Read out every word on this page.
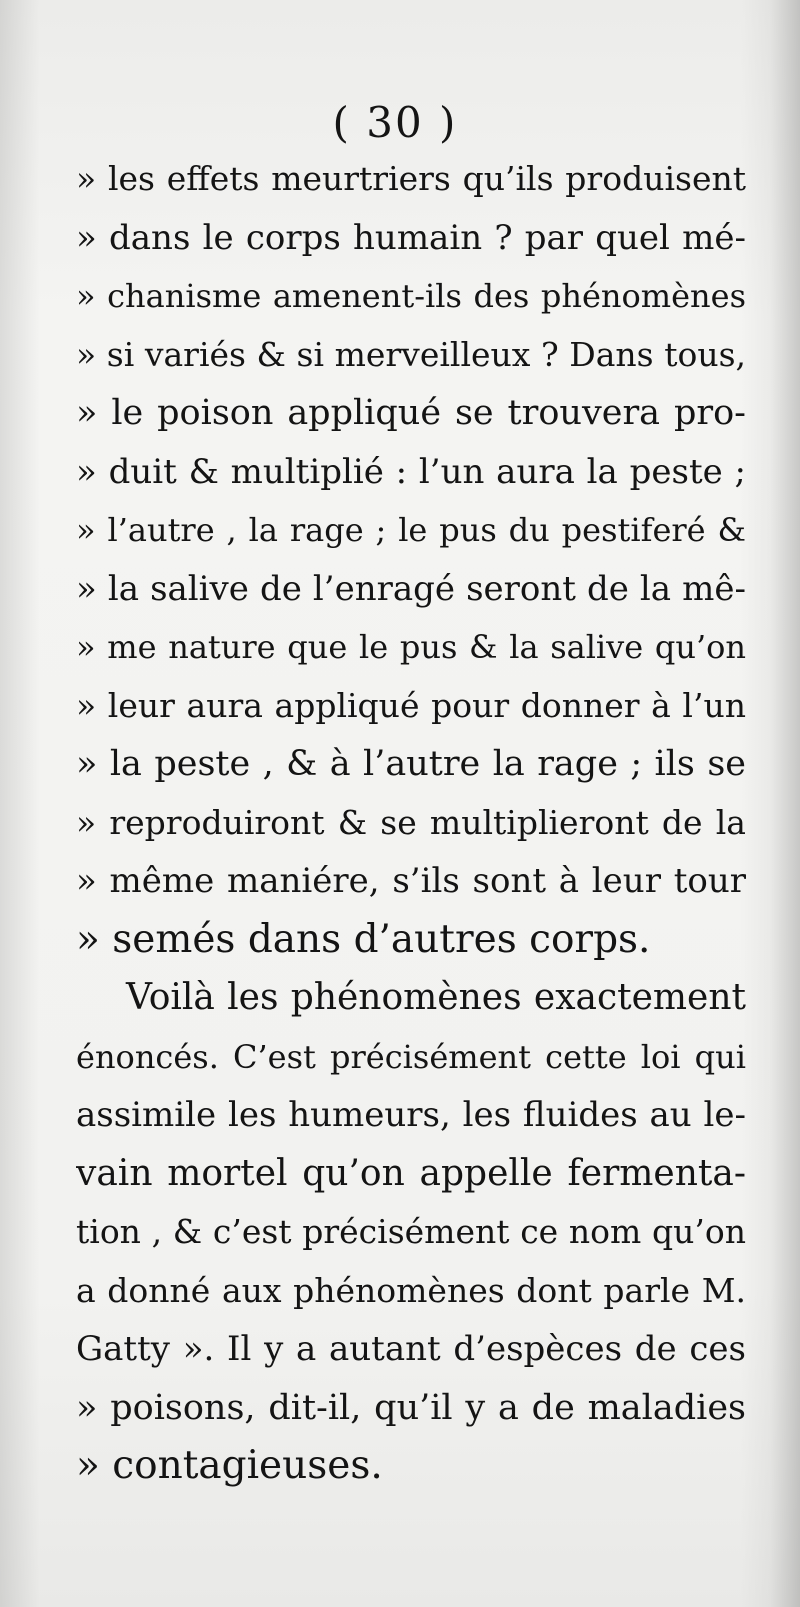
( 30 )
» les effets meurtriers qu’ils produisent
» dans le corps humain ? par quel mé-
» chanisme amenent-ils des phénomènes
» si variés & si merveilleux ? Dans tous,
» le poison appliqué se trouvera pro-
» duit & multiplié : l’un aura la peste ;
» l’autre , la rage ; le pus du pestiferé &
» la salive de l’enragé seront de la mê-
» me nature que le pus & la salive qu’on
» leur aura appliqué pour donner à l’un
» la peste , & à l’autre la rage ; ils se
» reproduiront & se multiplieront de la
» même maniére, s’ils sont à leur tour
» semés dans d’autres corps.
Voilà les phénomènes exactement
énoncés. C’est précisément cette loi qui
assimile les humeurs, les fluides au le-
vain mortel qu’on appelle fermenta-
tion , & c’est précisément ce nom qu’on
a donné aux phénomènes dont parle M.
Gatty ». Il y a autant d’espèces de ces
» poisons, dit-il, qu’il y a de maladies
» contagieuses.
